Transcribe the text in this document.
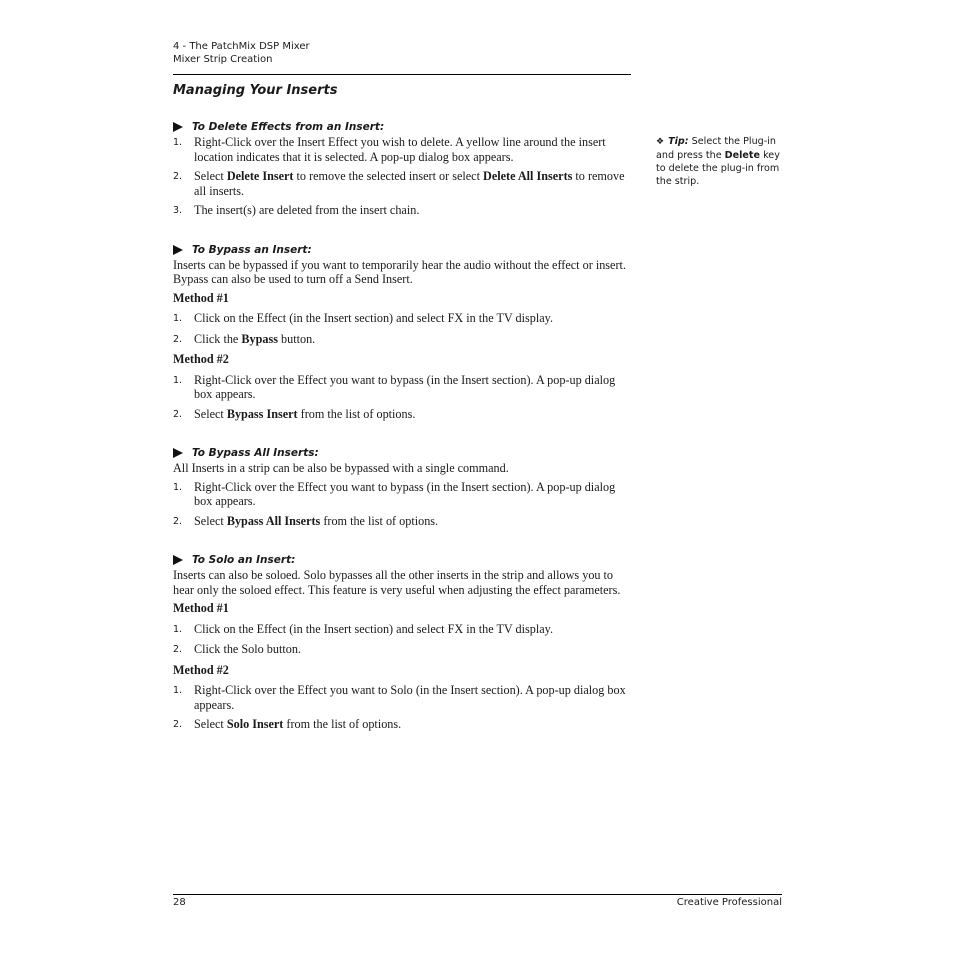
4 - The PatchMix DSP Mixer
Mixer Strip Creation
Managing Your Inserts
To Delete Effects from an Insert:
1. Right-Click over the Insert Effect you wish to delete. A yellow line around the insert location indicates that it is selected. A pop-up dialog box appears.
2. Select Delete Insert to remove the selected insert or select Delete All Inserts to remove all inserts.
3. The insert(s) are deleted from the insert chain.
To Bypass an Insert:

Inserts can be bypassed if you want to temporarily hear the audio without the effect or insert. Bypass can also be used to turn off a Send Insert.

Method #1
1. Click on the Effect (in the Insert section) and select FX in the TV display.
2. Click the Bypass button.
Method #2
1. Right-Click over the Effect you want to bypass (in the Insert section). A pop-up dialog box appears.
2. Select Bypass Insert from the list of options.
To Bypass All Inserts:

All Inserts in a strip can be also be bypassed with a single command.

1. Right-Click over the Effect you want to bypass (in the Insert section). A pop-up dialog box appears.
2. Select Bypass All Inserts from the list of options.
To Solo an Insert:

Inserts can also be soloed. Solo bypasses all the other inserts in the strip and allows you to hear only the soloed effect. This feature is very useful when adjusting the effect parameters.

Method #1
1. Click on the Effect (in the Insert section) and select FX in the TV display.
2. Click the Solo button.
Method #2
1. Right-Click over the Effect you want to Solo (in the Insert section). A pop-up dialog box appears.
2. Select Solo Insert from the list of options.
❖ Tip: Select the Plug-in and press the Delete key to delete the plug-in from the strip.
28	Creative Professional
